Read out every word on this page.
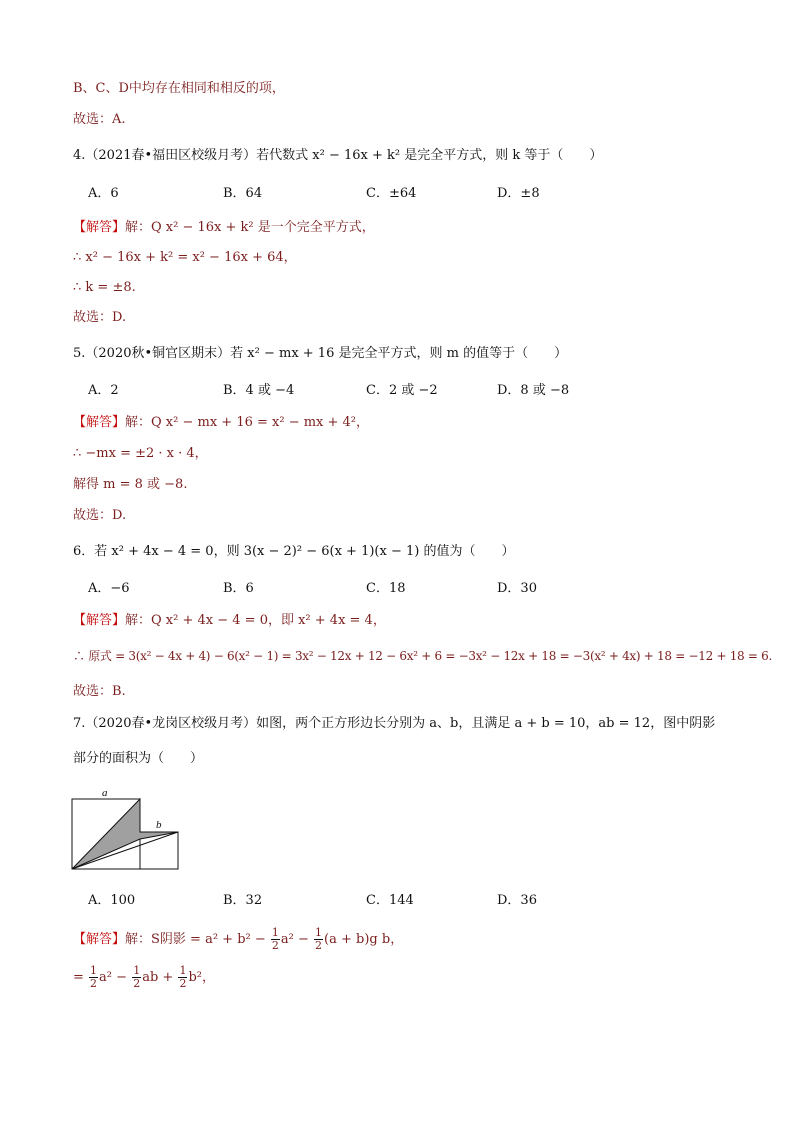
B、C、D中均存在相同和相反的项，
故选：A.
4.（2021春•福田区校级月考）若代数式 x² − 16x + k² 是完全平方式，则 k 等于（　　）
A．6	B．64	C．±64	D．±8
【解答】解：Q x² − 16x + k² 是一个完全平方式，
∴ x² − 16x + k² = x² − 16x + 64，
∴ k = ±8.
故选：D.
5.（2020秋•铜官区期末）若 x² − mx + 16 是完全平方式，则 m 的值等于（　　）
A．2	B．4 或 −4	C．2 或 −2	D．8 或 −8
【解答】解：Q x² − mx + 16 = x² − mx + 4²，
∴ −mx = ±2 · x · 4，
解得 m = 8 或 −8.
故选：D.
6．若 x² + 4x − 4 = 0，则 3(x − 2)² − 6(x + 1)(x − 1) 的值为（　　）
A．−6	B．6	C．18	D．30
【解答】解：Q x² + 4x − 4 = 0，即 x² + 4x = 4，
∴ 原式 = 3(x² − 4x + 4) − 6(x² − 1) = 3x² − 12x + 12 − 6x² + 6 = −3x² − 12x + 18 = −3(x² + 4x) + 18 = −12 + 18 = 6.
故选：B.
7.（2020春•龙岗区校级月考）如图，两个正方形边长分别为 a、b，且满足 a + b = 10，ab = 12，图中阴影
部分的面积为（　　）
a
b
A．100	B．32	C．144	D．36
【解答】解：S阴影 = $a^2 + b^2 - \frac{1}{2} a^2 - \frac{1}{2} (a + b)g$ b，
= $\frac{1}{2} a^2 - \frac{1}{2}$ ab + $\frac{1}{2} b^2$，
